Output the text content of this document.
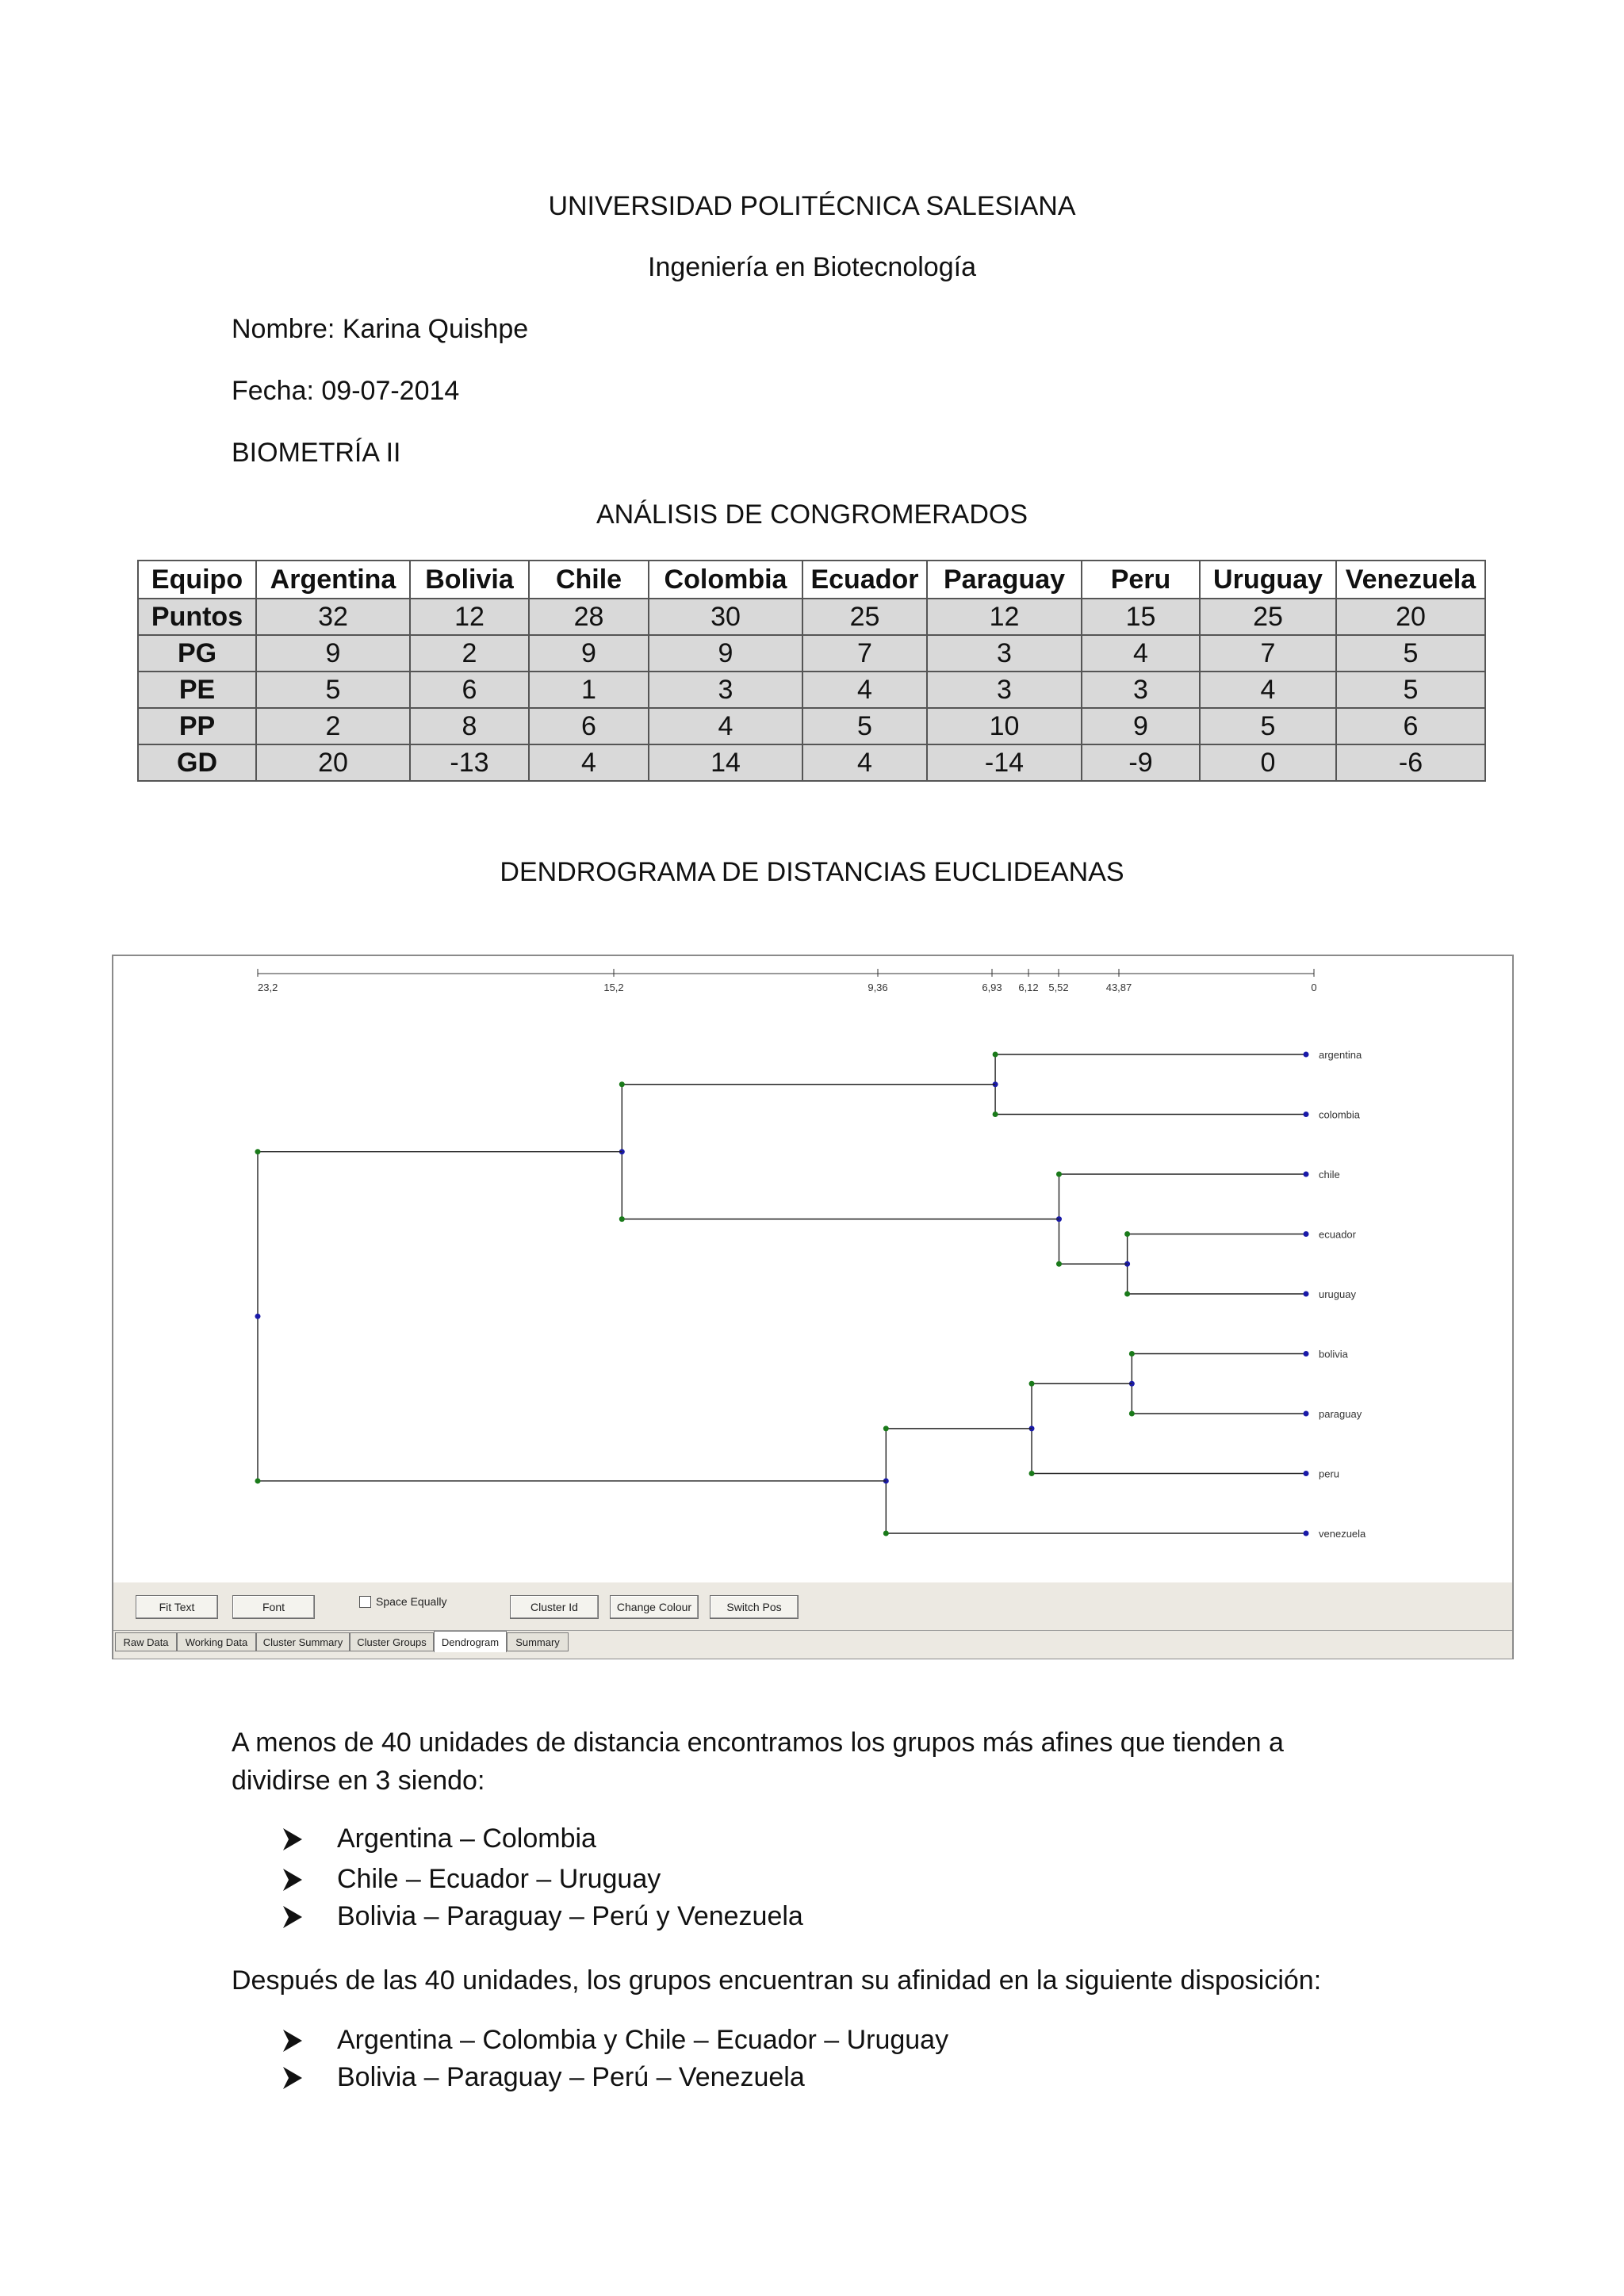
UNIVERSIDAD POLITÉCNICA SALESIANA
Ingeniería en Biotecnología
Nombre: Karina Quishpe
Fecha: 09-07-2014
BIOMETRÍA II
ANÁLISIS DE CONGROMERADOS
Equipo	Argentina	Bolivia	Chile	Colombia	Ecuador	Paraguay	Peru	Uruguay	Venezuela
Puntos	32	12	28	30	25	12	15	25	20
PG	9	2	9	9	7	3	4	7	5
PE	5	6	1	3	4	3	3	4	5
PP	2	8	6	4	5	10	9	5	6
GD	20	-13	4	14	4	-14	-9	0	-6
DENDROGRAMA DE DISTANCIAS EUCLIDEANAS
23,2	15,2	9,36	6,93 6,12 5,52	43,87	0
argentina
colombia
chile
ecuador
uruguay
bolivia
paraguay
peru
venezuela
Fit Text	Font	Space Equally	Cluster Id	Change Colour	Switch Pos
Raw Data	Working Data	Cluster Summary	Cluster Groups	Dendrogram	Summary
A menos de 40 unidades de distancia encontramos los grupos más afines que tienden a dividirse en 3 siendo:
Argentina – Colombia
Chile – Ecuador – Uruguay
Bolivia – Paraguay – Perú y Venezuela
Después de las 40 unidades, los grupos encuentran su afinidad en la siguiente disposición:
Argentina – Colombia y Chile – Ecuador – Uruguay
Bolivia – Paraguay – Perú – Venezuela
